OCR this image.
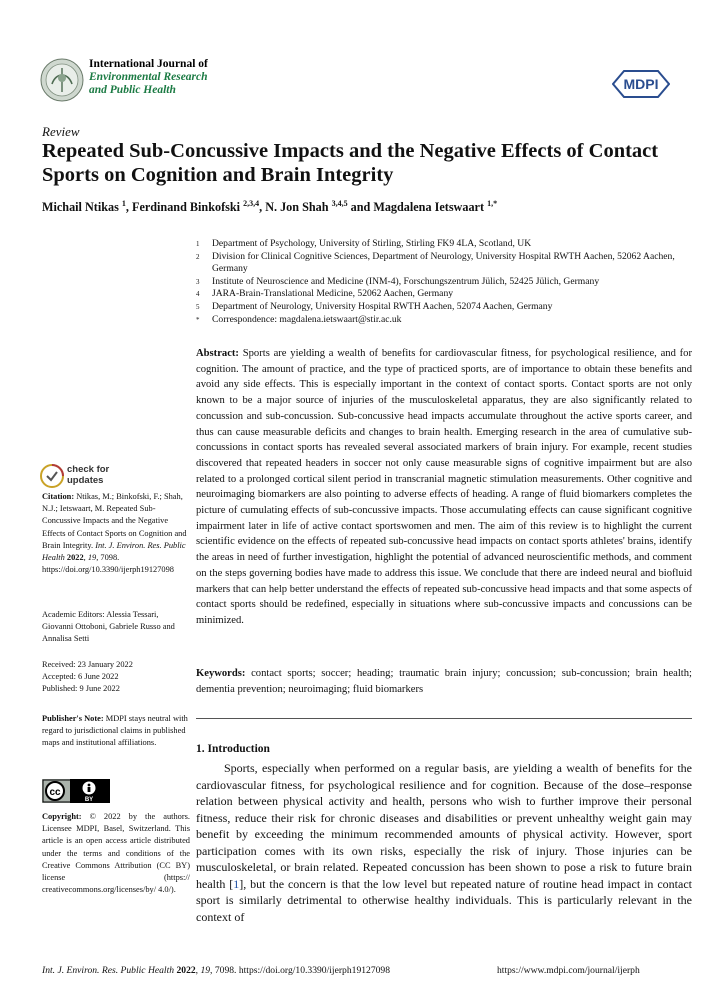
International Journal of
Environmental Research
and Public Health	MDPI
Review
Repeated Sub-Concussive Impacts and the Negative Effects of Contact Sports on Cognition and Brain Integrity
Michail Ntikas $^1$, Ferdinand Binkofski $^{2,3,4}$, N. Jon Shah $^{3,4,5}$ and Magdalena Ietswaart $^{1,*}$
1	Department of Psychology, University of Stirling, Stirling FK9 4LA, Scotland, UK
2	Division for Clinical Cognitive Sciences, Department of Neurology, University Hospital RWTH Aachen, 52062 Aachen, Germany
3	Institute of Neuroscience and Medicine (INM-4), Forschungszentrum Jülich, 52425 Jülich, Germany
4	JARA-Brain-Translational Medicine, 52062 Aachen, Germany
5	Department of Neurology, University Hospital RWTH Aachen, 52074 Aachen, Germany
*	Correspondence: magdalena.ietswaart@stir.ac.uk
Abstract: Sports are yielding a wealth of benefits for cardiovascular fitness, for psychological resilience, and for cognition. The amount of practice, and the type of practiced sports, are of importance to obtain these benefits and avoid any side effects. This is especially important in the context of contact sports. Contact sports are not only known to be a major source of injuries of the musculoskeletal apparatus, they are also significantly related to concussion and sub-concussion. Sub-concussive head impacts accumulate throughout the active sports career, and thus can cause measurable deficits and changes to brain health. Emerging research in the area of cumulative sub-concussions in contact sports has revealed several associated markers of brain injury. For example, recent studies discovered that repeated headers in soccer not only cause measurable signs of cognitive impairment but are also related to a prolonged cortical silent period in transcranial magnetic stimulation measurements. Other cognitive and neuroimaging biomarkers are also pointing to adverse effects of heading. A range of fluid biomarkers completes the picture of cumulating effects of sub-concussive impacts. Those accumulating effects can cause significant cognitive impairment later in life of active contact sportswomen and men. The aim of this review is to highlight the current scientific evidence on the effects of repeated sub-concussive head impacts on contact sports athletes' brains, identify the areas in need of further investigation, highlight the potential of advanced neuroscientific methods, and comment on the steps governing bodies have made to address this issue. We conclude that there are indeed neural and biofluid markers that can help better understand the effects of repeated sub-concussive head impacts and that some aspects of contact sports should be redefined, especially in situations where sub-concussive impacts and concussions can be minimized.
Keywords: contact sports; soccer; heading; traumatic brain injury; concussion; sub-concussion; brain health; dementia prevention; neuroimaging; fluid biomarkers
1. Introduction
Sports, especially when performed on a regular basis, are yielding a wealth of benefits for the cardiovascular fitness, for psychological resilience and for cognition. Because of the dose–response relation between physical activity and health, persons who wish to further improve their personal fitness, reduce their risk for chronic diseases and disabilities or prevent unhealthy weight gain may benefit by exceeding the minimum recommended amounts of physical activity. However, sport participation comes with its own risks, especially the risk of injury. Those injuries can be musculoskeletal, or brain related. Repeated concussion has been shown to pose a risk to future brain health [1], but the concern is that the low level but repeated nature of routine head impact in contact sport is similarly detrimental to otherwise healthy individuals. This is particularly relevant in the context of
check for
updates
Citation: Ntikas, M.; Binkofski, F.; Shah, N.J.; Ietswaart, M. Repeated Sub-Concussive Impacts and the Negative Effects of Contact Sports on Cognition and Brain Integrity. Int. J. Environ. Res. Public Health 2022, 19, 7098. https://doi.org/10.3390/ijerph19127098
Academic Editors: Alessia Tessari, Giovanni Ottoboni, Gabriele Russo and Annalisa Setti
Received: 23 January 2022
Accepted: 6 June 2022
Published: 9 June 2022
Publisher's Note: MDPI stays neutral with regard to jurisdictional claims in published maps and institutional affiliations.
cc
BY
Copyright: © 2022 by the authors. Licensee MDPI, Basel, Switzerland. This article is an open access article distributed under the terms and conditions of the Creative Commons Attribution (CC BY) license (https:// creativecommons.org/licenses/by/ 4.0/).
Int. J. Environ. Res. Public Health 2022, 19, 7098. https://doi.org/10.3390/ijerph19127098	https://www.mdpi.com/journal/ijerph
